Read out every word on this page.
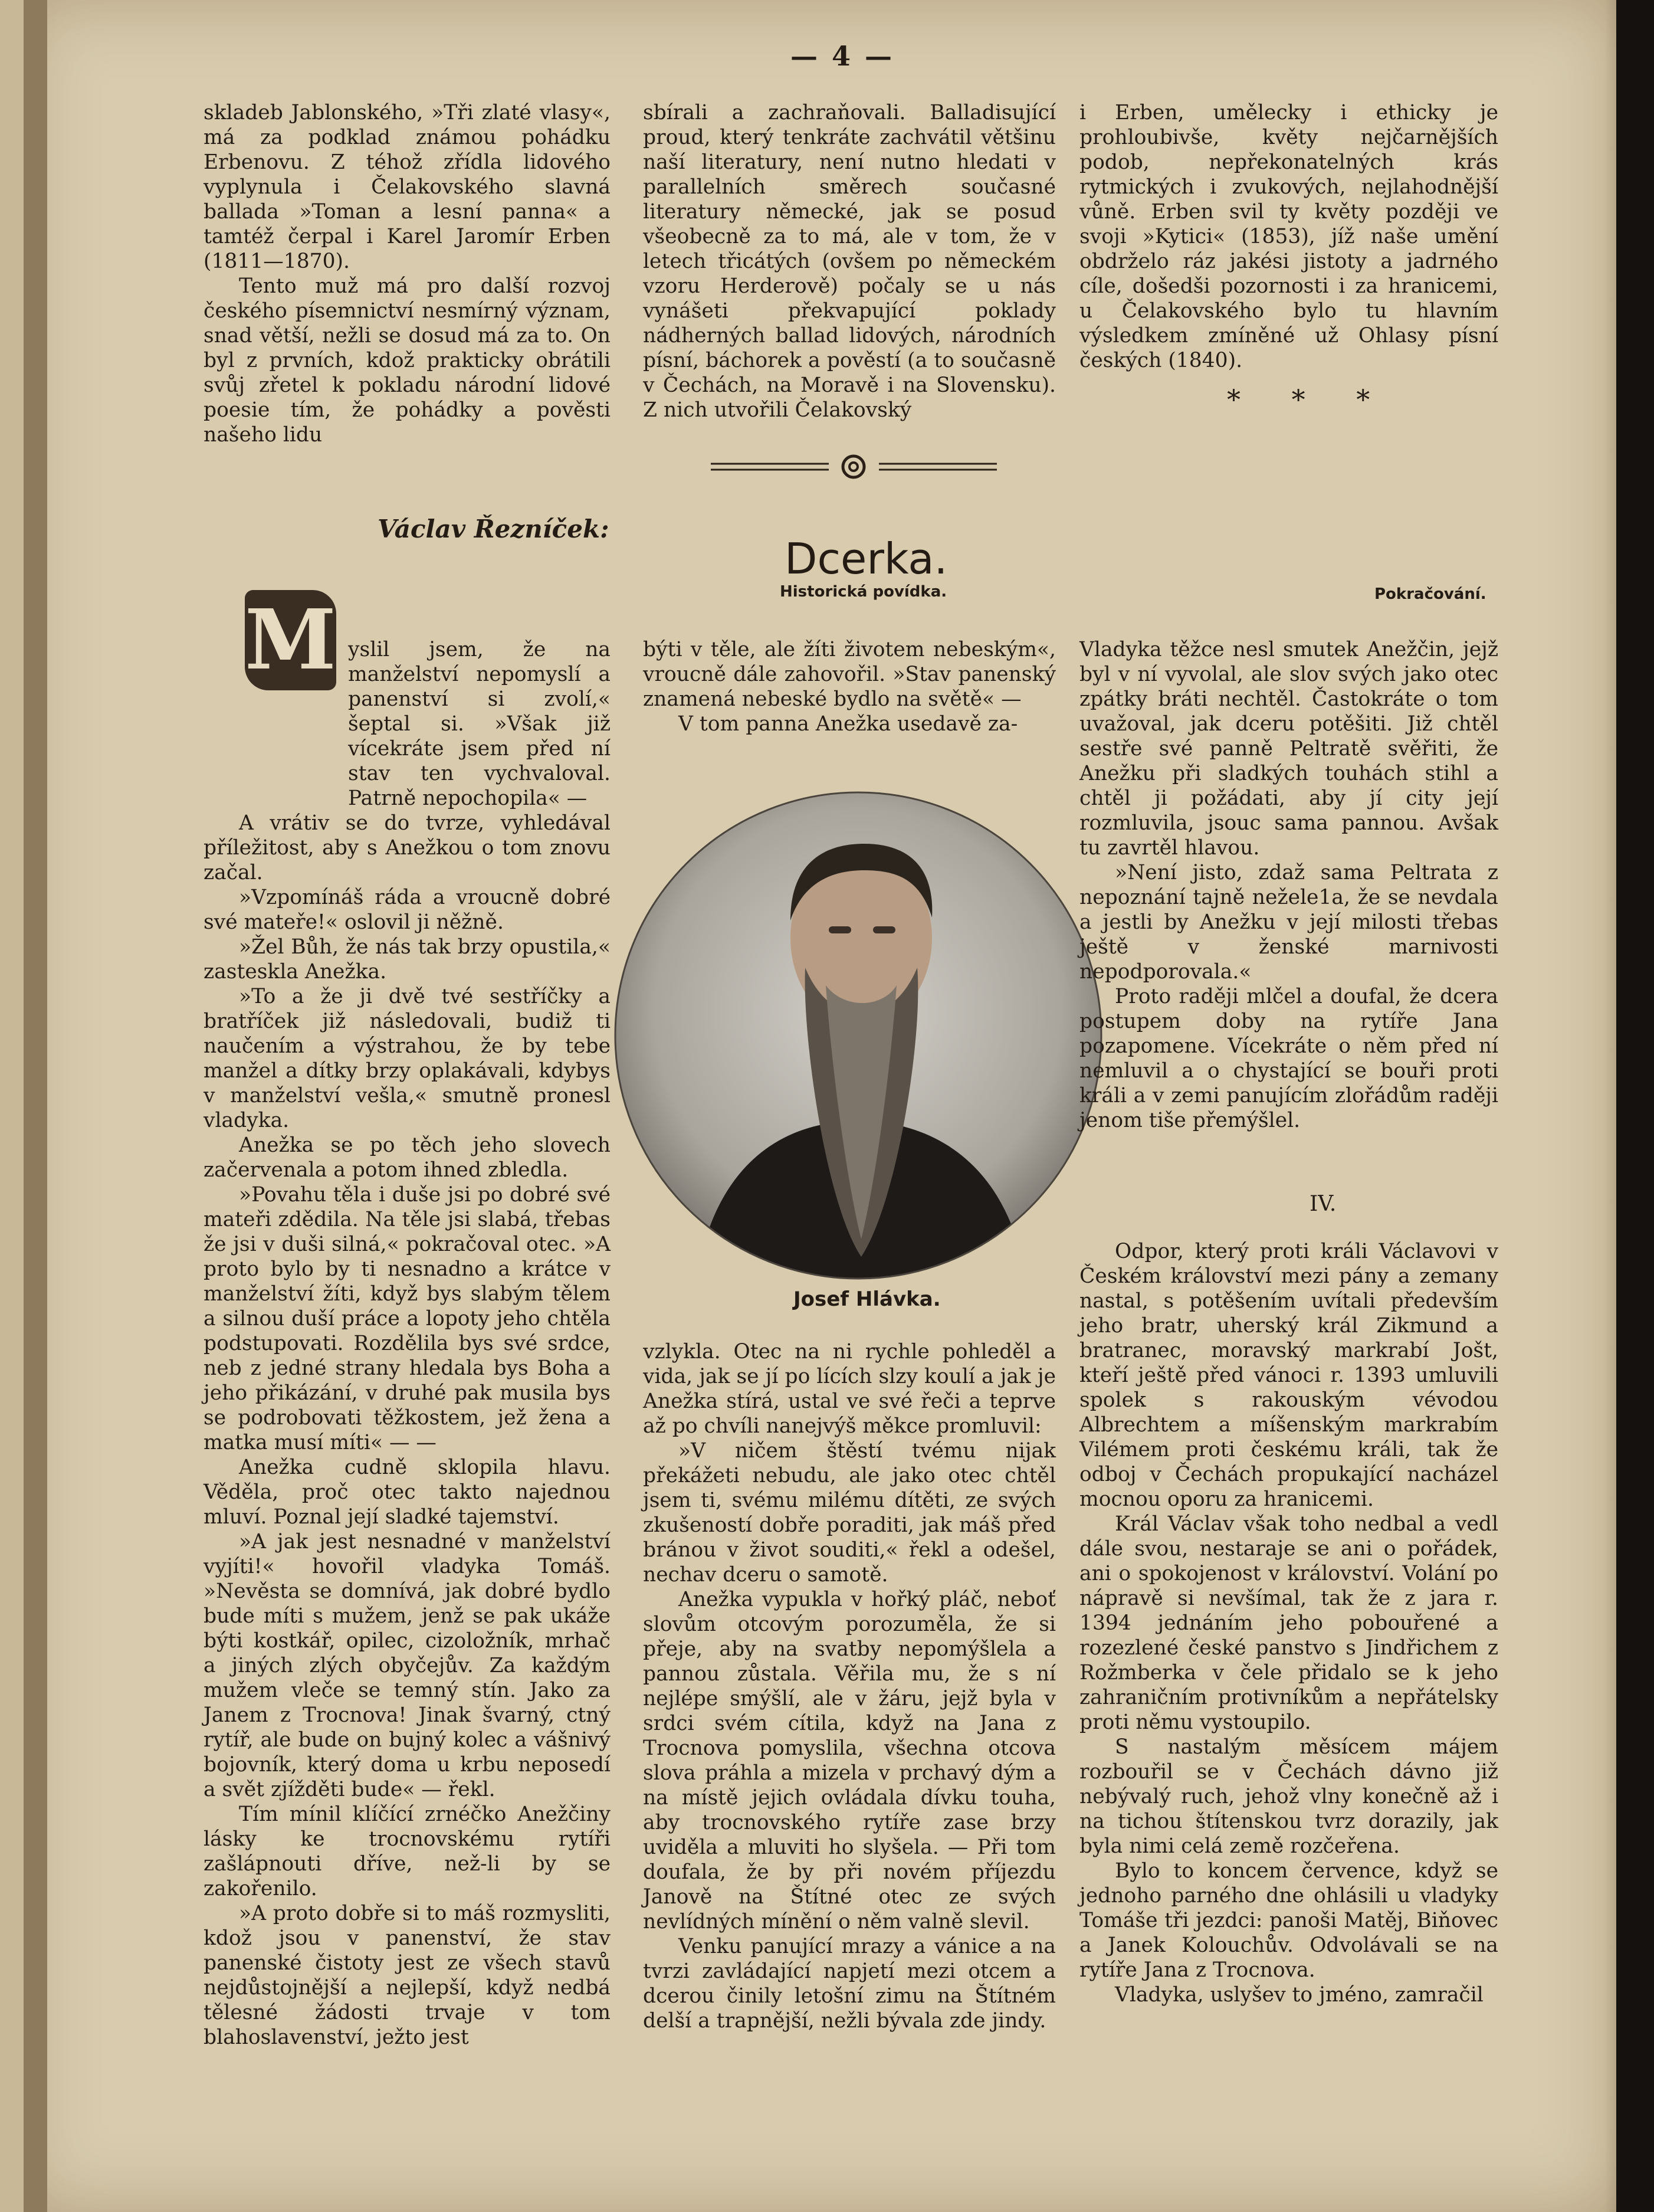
— 4 —

skladeb Jablonského, »Tři zlaté vlasy«, má za podklad známou pohádku Erbenovu. Z téhož zřídla lidového vyplynula i Čelakovského slavná ballada »Toman a lesní panna« a tamtéž čerpal i Karel Jaromír Erben (1811—1870).

Tento muž má pro další rozvoj českého písemnictví nesmírný význam, snad větší, nežli se dosud má za to. On byl z prvních, kdož prakticky obrátili svůj zřetel k pokladu národní lidové poesie tím, že pohádky a pověsti našeho lidu

sbírali a zachraňovali. Balladisující proud, který tenkráte zachvátil většinu naší literatury, není nutno hledati v parallelních směrech současné literatury německé, jak se posud všeobecně za to má, ale v tom, že v letech třicátých (ovšem po německém vzoru Herderově) počaly se u nás vynášeti překvapující poklady nádherných ballad lidových, národních písní, báchorek a pověstí (a to současně v Čechách, na Moravě i na Slovensku). Z nich utvořili Čelakovský

i Erben, umělecky i ethicky je prohloubivše, květy nejčarnějších podob, nepřekonatelných krás rytmických i zvukových, nejlahodnější vůně. Erben svil ty květy později ve svoji »Kytici« (1853), jíž naše umění obdrželo ráz jakési jistoty a jadrného cíle, došedši pozornosti i za hranicemi, u Čelakovského bylo tu hlavním výsledkem zmíněné už Ohlasy písní českých (1840).

* * *
Václav Řezníček:
Dcerka.
Historická povídka.	Pokračování.
M yslil jsem, že na manželství nepomyslí a panenství si zvolí,« šeptal si. »Však již vícekráte jsem před ní stav ten vychvaloval. Patrně nepochopila« —

A vrátiv se do tvrze, vyhledával příležitost, aby s Anežkou o tom znovu začal.

»Vzpomínáš ráda a vroucně dobré své mateře!« oslovil ji něžně.

»Žel Bůh, že nás tak brzy opustila,« zasteskla Anežka.

»To a že ji dvě tvé sestříčky a bratříček již následovali, budiž ti naučením a výstrahou, že by tebe manžel a dítky brzy oplakávali, kdybys v manželství vešla,« smutně pronesl vladyka.

Anežka se po těch jeho slovech začervenala a potom ihned zbledla.

»Povahu těla i duše jsi po dobré své mateři zdědila. Na těle jsi slabá, třebas že jsi v duši silná,« pokračoval otec. »A proto bylo by ti nesnadno a krátce v manželství žíti, když bys slabým tělem a silnou duší práce a lopoty jeho chtěla podstupovati. Rozdělila bys své srdce, neb z jedné strany hledala bys Boha a jeho přikázání, v druhé pak musila bys se podrobovati těžkostem, jež žena a matka musí míti« — —

Anežka cudně sklopila hlavu. Věděla, proč otec takto najednou mluví. Poznal její sladké tajemství.

»A jak jest nesnadné v manželství vyjíti!« hovořil vladyka Tomáš. »Nevěsta se domnívá, jak dobré bydlo bude míti s mužem, jenž se pak ukáže býti kostkář, opilec, cizoložník, mrhač a jiných zlých obyčejův. Za každým mužem vleče se temný stín. Jako za Janem z Trocnova! Jinak švarný, ctný rytíř, ale bude on bujný kolec a vášnivý bojovník, který doma u krbu neposedí a svět zjížděti bude« — řekl.

Tím mínil klíčící zrnéčko Anežčiny lásky ke trocnovskému rytíři zašlápnouti dříve, než-li by se zakořenilo.

»A proto dobře si to máš rozmysliti, kdož jsou v panenství, že stav panenské čistoty jest ze všech stavů nejdůstojnější a nejlepší, když nedbá tělesné žádosti trvaje v tom blahoslavenství, ježto jest

býti v těle, ale žíti životem nebeským«, vroucně dále zahovořil. »Stav panenský znamená nebeské bydlo na světě« —

V tom panna Anežka usedavě za-

Josef Hlávka.

vzlykla. Otec na ni rychle pohleděl a vida, jak se jí po lících slzy koulí a jak je Anežka stírá, ustal ve své řeči a teprve až po chvíli nanejvýš měkce promluvil:

»V ničem štěstí tvému nijak překážeti nebudu, ale jako otec chtěl jsem ti, svému milému dítěti, ze svých zkušeností dobře poraditi, jak máš před bránou v život souditi,« řekl a odešel, nechav dceru o samotě.

Anežka vypukla v hořký pláč, neboť slovům otcovým porozuměla, že si přeje, aby na svatby nepomýšlela a pannou zůstala. Věřila mu, že s ní nejlépe smýšlí, ale v žáru, jejž byla v srdci svém cítila, když na Jana z Trocnova pomyslila, všechna otcova slova práhla a mizela v prchavý dým a na místě jejich ovládala dívku touha, aby trocnovského rytíře zase brzy uviděla a mluviti ho slyšela. — Při tom doufala, že by při novém příjezdu Janově na Štítné otec ze svých nevlídných mínění o něm valně slevil.

Venku panující mrazy a vánice a na tvrzi zavládající napjetí mezi otcem a dcerou činily letošní zimu na Štítném delší a trapnější, nežli bývala zde jindy.

Vladyka těžce nesl smutek Anežčin, jejž byl v ní vyvolal, ale slov svých jako otec zpátky bráti nechtěl. Častokráte o tom uvažoval, jak dceru potěšiti. Již chtěl sestře své panně Peltratě svěřiti, že Anežku při sladkých touhách stihl a chtěl ji požádati, aby jí city její rozmluvila, jsouc sama pannou. Avšak tu zavrtěl hlavou.

»Není jisto, zdaž sama Peltrata z nepoznání tajně nežele1a, že se nevdala a jestli by Anežku v její milosti třebas ještě v ženské marnivosti nepodporovala.«

Proto raději mlčel a doufal, že dcera postupem doby na rytíře Jana pozapomene. Vícekráte o něm před ní nemluvil a o chystající se bouři proti králi a v zemi panujícím zlořádům raději jenom tiše přemýšlel.

IV.

Odpor, který proti králi Václavovi v Českém království mezi pány a zemany nastal, s potěšením uvítali především jeho bratr, uherský král Zikmund a bratranec, moravský markrabí Jošt, kteří ještě před vánoci r. 1393 umluvili spolek s rakouským vévodou Albrechtem a míšenským markrabím Vilémem proti českému králi, tak že odboj v Čechách propukající nacházel mocnou oporu za hranicemi.

Král Václav však toho nedbal a vedl dále svou, nestaraje se ani o pořádek, ani o spokojenost v království. Volání po nápravě si nevšímal, tak že z jara r. 1394 jednáním jeho pobouřené a rozezlené české panstvo s Jindřichem z Rožmberka v čele přidalo se k jeho zahraničním protivníkům a nepřátelsky proti němu vystoupilo.

S nastalým měsícem májem rozbouřil se v Čechách dávno již nebývalý ruch, jehož vlny konečně až i na tichou štítenskou tvrz dorazily, jak byla nimi celá země rozčeřena.

Bylo to koncem července, když se jednoho parného dne ohlásili u vladyky Tomáše tři jezdci: panoši Matěj, Biňovec a Janek Kolouchův. Odvolávali se na rytíře Jana z Trocnova.

Vladyka, uslyšev to jméno, zamračil
